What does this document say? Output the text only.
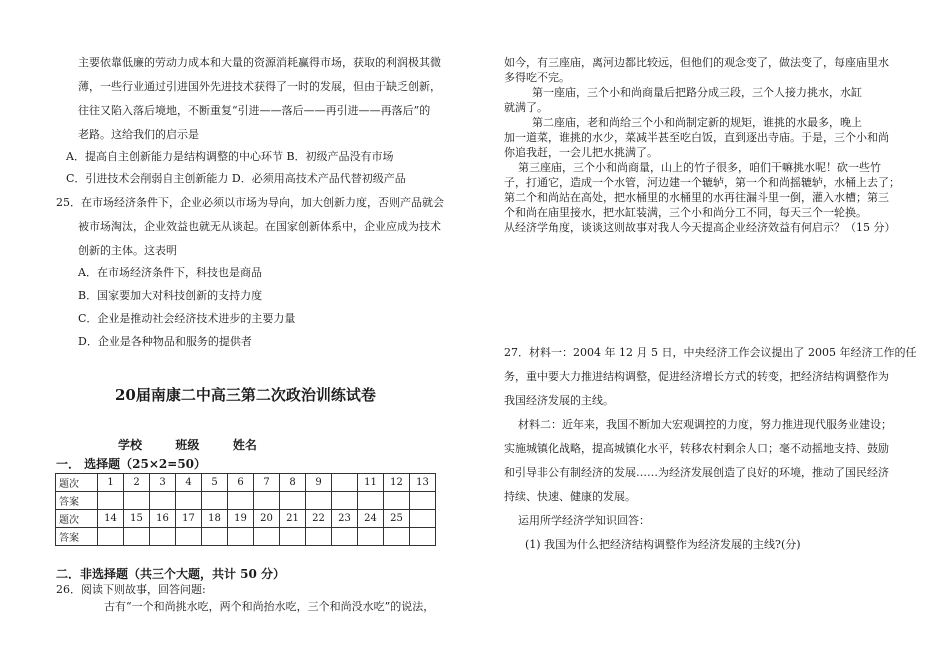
主要依靠低廉的劳动力成本和大量的资源消耗赢得市场，获取的利润极其微
薄，一些行业通过引进国外先进技术获得了一时的发展，但由于缺乏创新，
往往又陷入落后境地，不断重复“引进——落后——再引进——再落后”的
老路。这给我们的启示是
A．提高自主创新能力是结构调整的中心环节 B．初级产品没有市场
C．引进技术会削弱自主创新能力 D．必须用高技术产品代替初级产品
25．在市场经济条件下，企业必须以市场为导向，加大创新力度，否则产品就会
被市场淘汰，企业效益也就无从谈起。在国家创新体系中，企业应成为技术
创新的主体。这表明
A．在市场经济条件下，科技也是商品
B．国家要加大对科技创新的支持力度
C．企业是推动社会经济技术进步的主要力量
D．企业是各种物品和服务的提供者
20届南康二中高三第二次政治训练试卷
学校        班级        姓名
一． 选择题（25×2=50）
题次	1	2	3	4	5	6	7	8	9		11	12	13
答案													
题次	14	15	16	17	18	19	20	21	22	23	24	25	
答案													
二．非选择题（共三个大题，共计 50 分）
26．阅读下则故事，回答问题:
古有“一个和尚挑水吃，两个和尚抬水吃，三个和尚没水吃”的说法，
如今，有三座庙，离河边都比较远，但他们的观念变了，做法变了，每座庙里水
多得吃不完。
第一座庙，三个小和尚商量后把路分成三段，三个人接力挑水，水缸
就满了。
第二座庙，老和尚给三个小和尚制定新的规矩，谁挑的水最多，晚上
加一道菜，谁挑的水少，菜减半甚至吃白饭，直到逐出寺庙。于是，三个小和尚
你追我赶，一会儿把水挑满了。
第三座庙，三个小和尚商量，山上的竹子很多，咱们干嘛挑水呢！砍一些竹
子，打通它，造成一个水管，河边建一个辘轳，第一个和尚摇辘轳，水桶上去了；
第二个和尚站在高处，把水桶里的水桶里的水再往漏斗里一倒，灌入水槽；第三
个和尚在庙里接水，把水缸装满，三个小和尚分工不同，每天三个一轮换。
从经济学角度，谈谈这则故事对我人今天提高企业经济效益有何启示？（15 分）
27．材料一：2004 年 12 月 5 日，中央经济工作会议提出了 2005 年经济工作的任
务，重中要大力推进结构调整，促进经济增长方式的转变，把经济结构调整作为
我国经济发展的主线。
材料二：近年来，我国不断加大宏观调控的力度，努力推进现代服务业建设；
实施城镇化战略，提高城镇化水平，转移农村剩余人口；毫不动摇地支持、鼓励
和引导非公有制经济的发展……为经济发展创造了良好的环境，推动了国民经济
持续、快速、健康的发展。
运用所学经济学知识回答：
(1) 我国为什么把经济结构调整作为经济发展的主线?(分)
